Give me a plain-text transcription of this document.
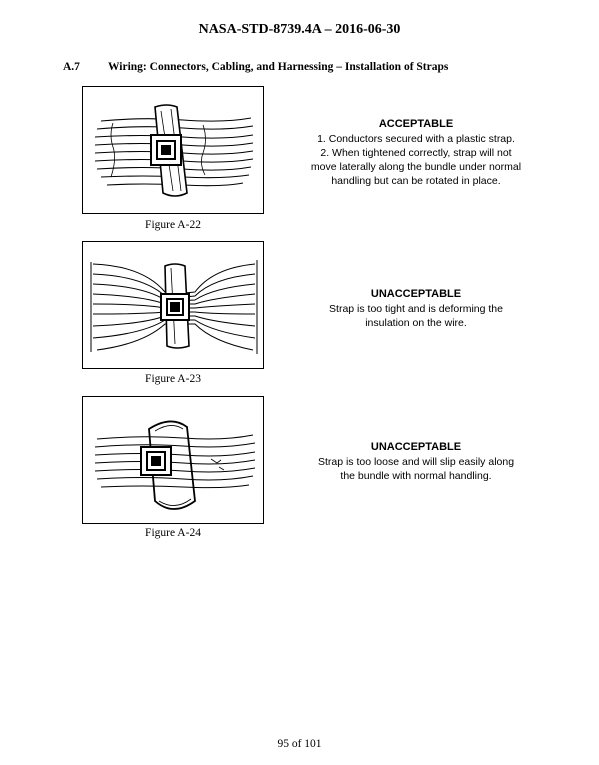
NASA-STD-8739.4A – 2016-06-30
A.7 Wiring: Connectors, Cabling, and Harnessing – Installation of Straps
Figure A-22
ACCEPTABLE
1. Conductors secured with a plastic strap.
2. When tightened correctly, strap will not
move laterally along the bundle under normal
handling but can be rotated in place.
Figure A-23
UNACCEPTABLE
Strap is too tight and is deforming the
insulation on the wire.
Figure A-24
UNACCEPTABLE
Strap is too loose and will slip easily along
the bundle with normal handling.
95 of 101
